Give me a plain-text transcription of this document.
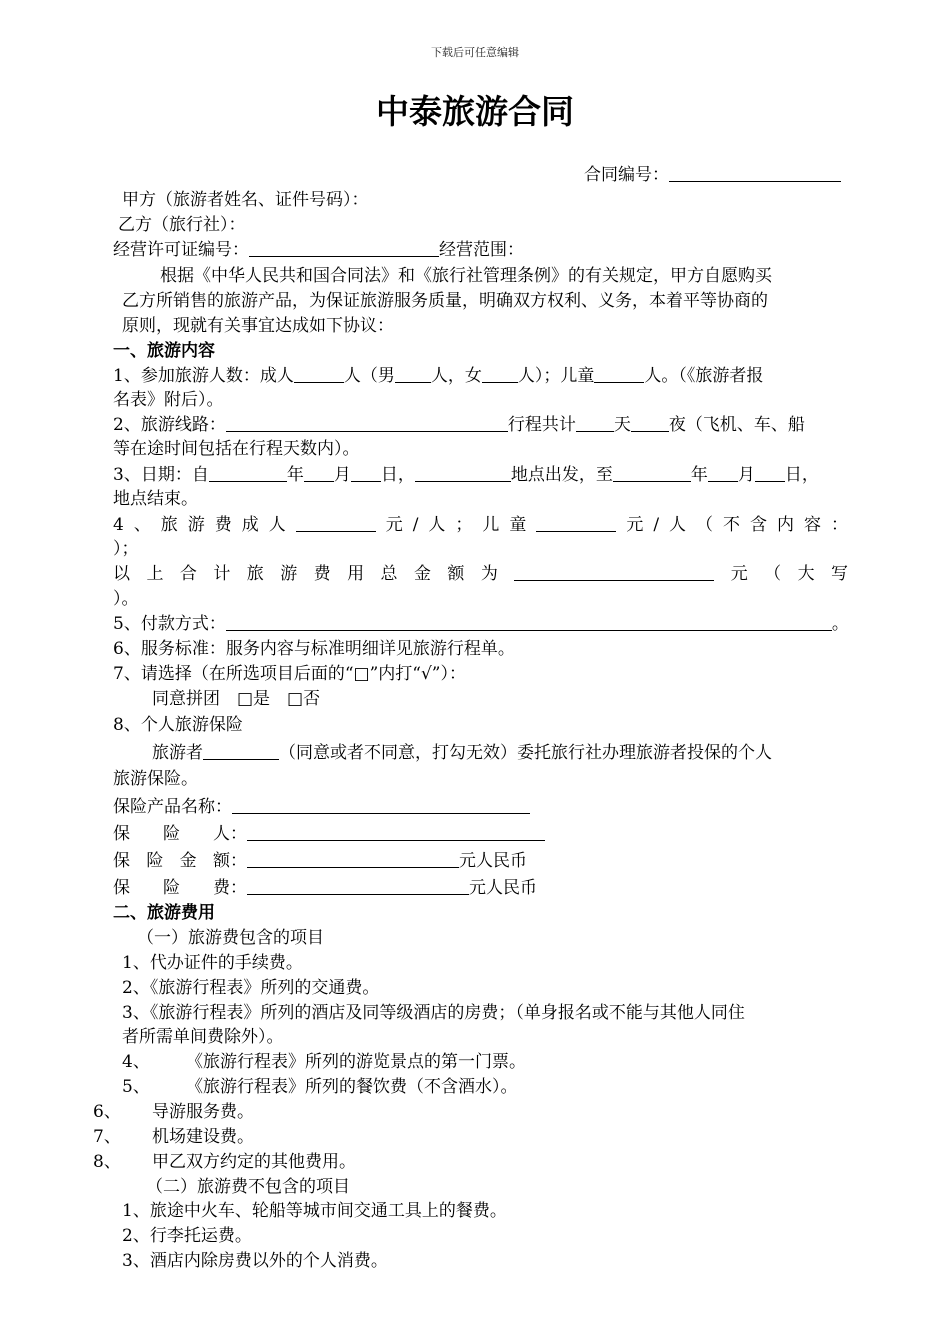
下载后可任意编辑
中泰旅游合同
合同编号：
甲方（旅游者姓名、证件号码）：
乙方（旅行社）：
经营许可证编号：	经营范围：
根据《中华人民共和国合同法》和《旅行社管理条例》的有关规定，甲方自愿购买
乙方所销售的旅游产品，为保证旅游服务质量，明确双方权利、义务，本着平等协商的
原则，现就有关事宜达成如下协议：
一、旅游内容
1、参加旅游人数：成人	人（男 人，女 人）；儿童	人。（《旅游者报
名表》附后）。
2、旅游线路：	行程共计 天 夜（飞机、车、船
等在途时间包括在行程天数内）。
3、日期：自	年 月 日，	地点出发，至	年 月 日，
地点结束。
4 、 旅 游 费 成 人	元 / 人 ； 儿 童	元 / 人 （ 不 含 内 容 ：
）；
以 上 合 计 旅 游 费 用 总 金 额 为	元 （ 大 写
）。
5、付款方式：	。
6、服务标准：服务内容与标准明细详见旅游行程单。
7、请选择（在所选项目后面的“□”内打“√”）：
同意拼团　□是　□否
8、个人旅游保险
旅游者	（同意或者不同意，打勾无效）委托旅行社办理旅游者投保的个人
旅游保险。
保险产品名称：
保 险 人：
保 险 金 额：	元人民币
保 险 费：	元人民币
二、旅游费用
（一）旅游费包含的项目
1、代办证件的手续费。
2、《旅游行程表》所列的交通费。
3、《旅游行程表》所列的酒店及同等级酒店的房费；（单身报名或不能与其他人同住
者所需单间费除外）。
4、 《旅游行程表》所列的游览景点的第一门票。
5、 《旅游行程表》所列的餐饮费（不含酒水）。
6、 导游服务费。
7、 机场建设费。
8、 甲乙双方约定的其他费用。
（二）旅游费不包含的项目
1、旅途中火车、轮船等城市间交通工具上的餐费。
2、行李托运费。
3、酒店内除房费以外的个人消费。
